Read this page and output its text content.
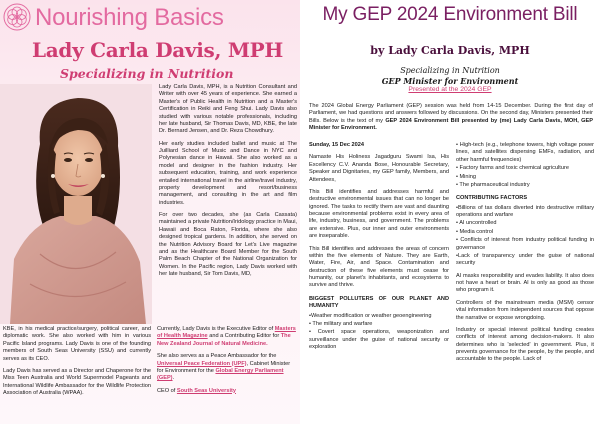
Nourishing Basics
Lady Carla Davis, MPH
Specializing in Nutrition

Lady Carla Davis, MPH, is a Nutrition Consultant and Writer with over 45 years of experience. She earned a Master's of Public Health in Nutrition and a Master's Certification in Reiki and Feng Shui. Lady Davis also studied with various notable professionals, including her late husband, Sir Thomas Davis, MD, KBE, the late Dr. Bernard Jensen, and Dr. Reza Chowdhury.

Her early studies included ballet and music at The Juilliard School of Music and Dance in NYC and Polynesian dance in Hawaii. She also worked as a model and designer in the fashion industry. Her subsequent education, training, and work experience entailed international travel in the airline/travel industry, property development and resort/business management, and consulting in the art and film industries.

For over two decades, she (as Carla Cassata) maintained a private Nutrition/Iridology practice in Maui, Hawaii and Boca Raton, Florida, where she also designed tropical gardens. In addition, she served on the Nutrition Advisory Board for Let's Live magazine and as the Healthcare Board Member for the South Palm Beach Chapter of the National Organization for Women. In the Pacific region, Lady Davis worked with her late husband, Sir Tom Davis, MD,

KBE, in his medical practice/surgery, political career, and diplomatic work. She also worked with him in various Pacific Island programs. Lady Davis is one of the founding members of South Seas University (SSU) and currently serves as its CEO.

Lady Davis has served as a Director and Chaperone for the Miss Teen Australia and World Supermodel Pageants and International Wildlife Ambassador for the Wildlife Protection Association of Australia (WPAA).

Currently, Lady Davis is the Executive Editor of Masters of Health Magazine and a Contributing Editor for The New Zealand Journal of Natural Medicine.

She also serves as a Peace Ambassador for the Universal Peace Federation (UPF), Cabinet Minister for Environment for the Global Energy Parliament (GEP).

CEO of South Seas University

My GEP 2024 Environment Bill
by Lady Carla Davis, MPH
Specializing in Nutrition
GEP Minister for Environment
Presented at the 2024 GEP
The 2024 Global Energy Parliament (GEP) session was held from 14-15 December. During the first day of Parliament, we had questions and answers followed by discussions. On the second day, Ministers presented their Bills. Below is the text of my GEP 2024 Environment Bill presented by (me) Lady Carla Davis, MOH, GEP Minister for Environment.
Sunday, 15 Dec 2024

Namaste His Holiness Jagadguru Swami Isa, His Excellency C.V. Ananda Bose, Honourable Secretary, Speaker and Dignitaries, my GEP family, Members, and Attendees,

This Bill identifies and addresses harmful and destructive environmental issues that can no longer be ignored. The tasks to rectify them are vast and daunting because environmental problems exist in every area of life, industry, business, and government. The problems are extensive. Plus, our inner and outer environments are inseparable.

This Bill identifies and addresses the areas of concern within the five elements of Nature. They are Earth, Water, Fire, Air, and Space. Contamination and destruction of these five elements must cease for humanity, our planet's inhabitants, and ecosystems to survive and thrive.

BIGGEST POLLUTERS OF OUR PLANET AND HUMANITY
•Weather modification or weather geoengineering
• The military and warfare
• Covert space operations, weaponization and surveillance under the guise of national security or exploration
• High-tech (e.g., telephone towers, high voltage power lines, and satellites dispersing EMFs, radiation, and other harmful frequencies)
• Factory farms and toxic chemical agriculture
• Mining
• The pharmaceutical industry
CONTRIBUTING FACTORS
•Billions of tax dollars diverted into destructive military operations and warfare
• AI uncontrolled
• Media control
• Conflicts of interest from industry political funding in governance
•Lack of transparency under the guise of national security

AI masks responsibility and evades liability. It also does not have a heart or brain. AI is only as good as those who program it.

Controllers of the mainstream media (MSM) censor vital information from independent sources that oppose the narrative or expose wrongdoing.

Industry or special interest political funding creates conflicts of interest among decision-makers. It also determines who is 'selected' in government. Plus, it prevents governance for the people, by the people, and accountable to the people. Lack of
